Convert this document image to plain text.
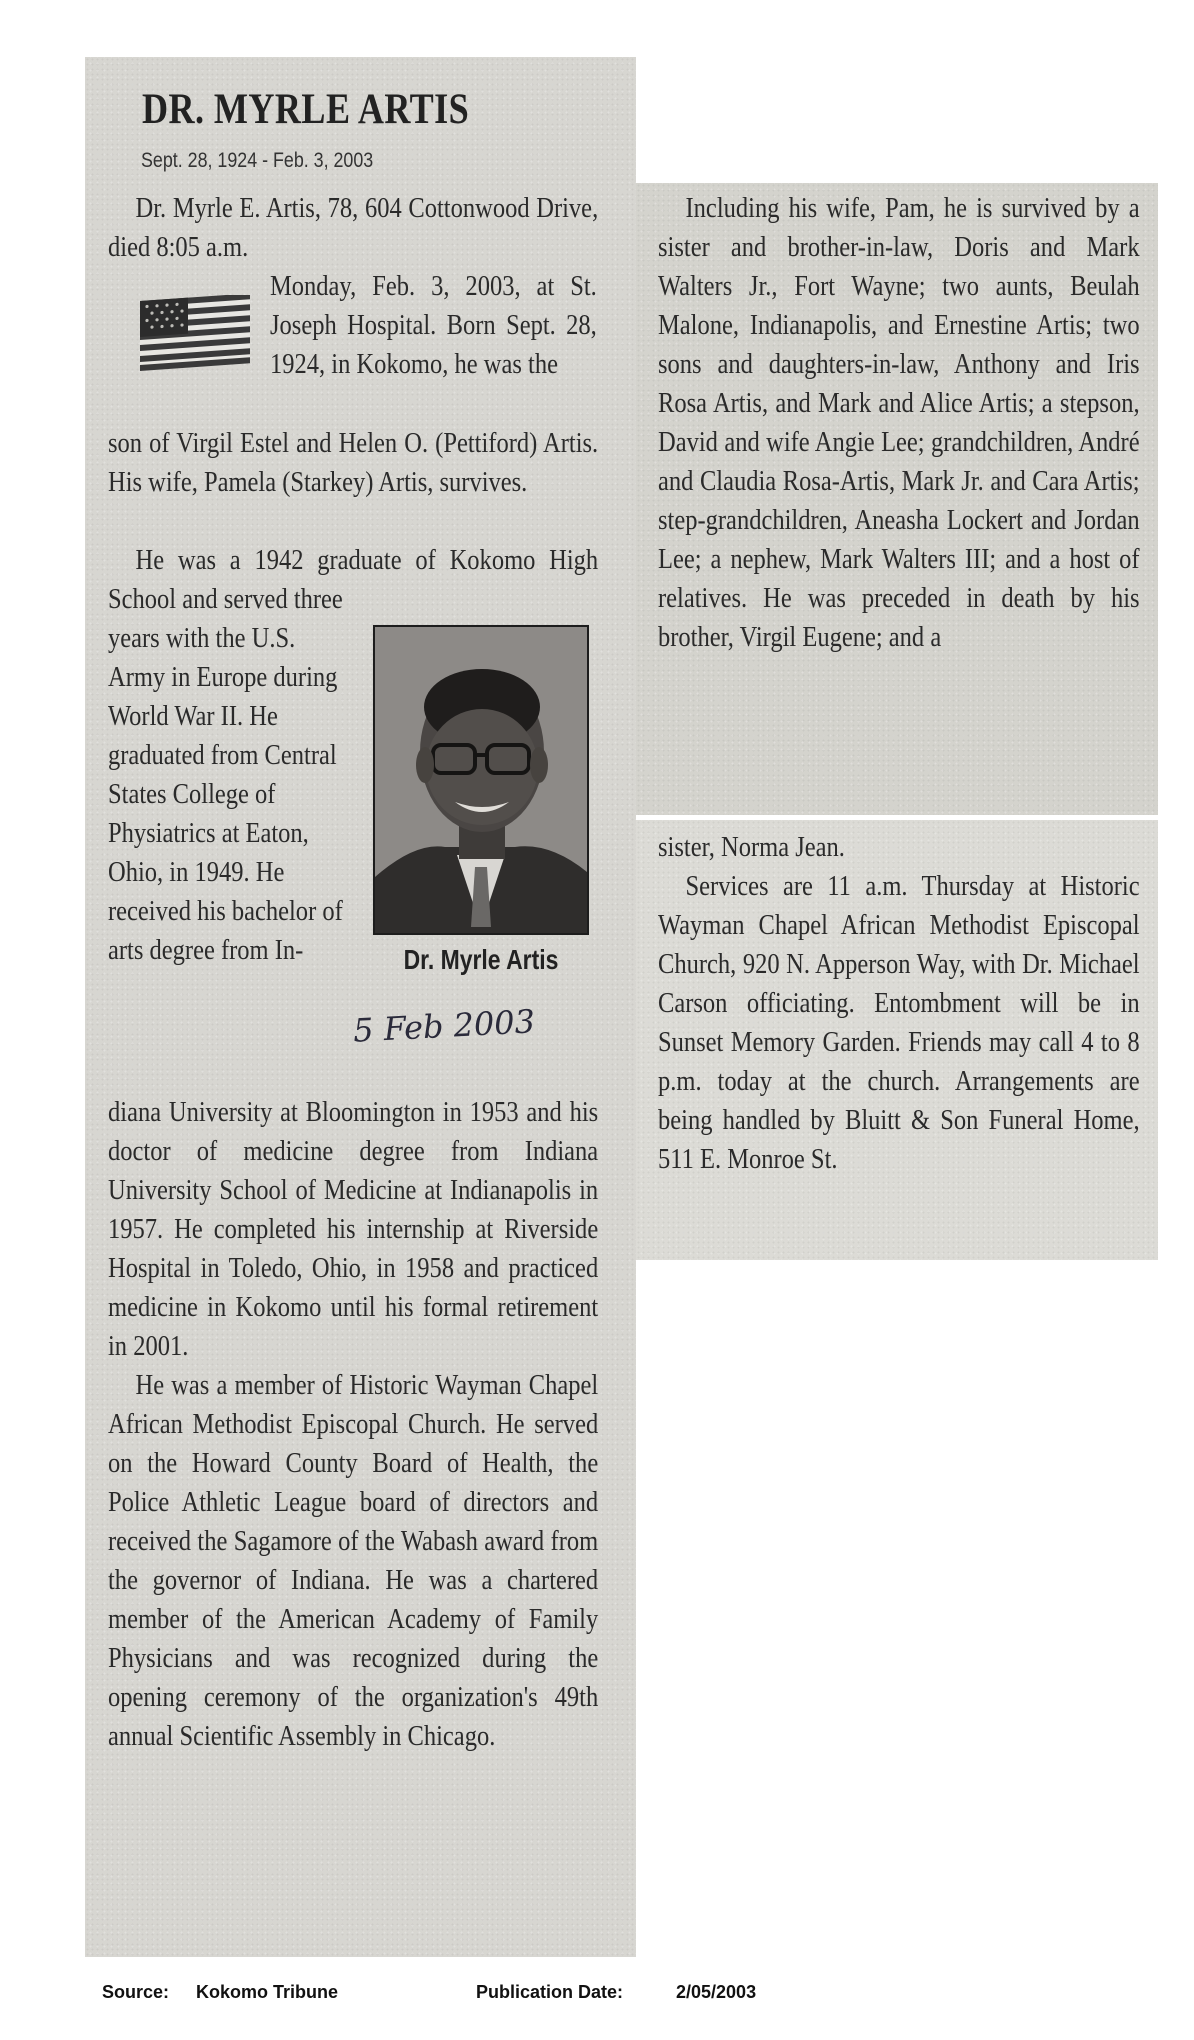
DR. MYRLE ARTIS
Sept. 28, 1924 - Feb. 3, 2003

Dr. Myrle E. Artis, 78, 604 Cottonwood Drive, died 8:05 a.m.

Monday, Feb. 3, 2003, at St. Joseph Hospital. Born Sept. 28, 1924, in Kokomo, he was the

son of Virgil Estel and Helen O. (Pettiford) Artis. His wife, Pamela (Starkey) Artis, survives.

He was a 1942 graduate of Kokomo High School and served three

years with the U.S. Army in Europe during World War II. He graduated from Central States College of Physiatrics at Eaton, Ohio, in 1949. He received his bachelor of arts degree from In-	Dr. Myrle Artis
5 Feb 2003

diana University at Bloomington in 1953 and his doctor of medicine degree from Indiana University School of Medicine at Indianapolis in 1957. He completed his internship at Riverside Hospital in Toledo, Ohio, in 1958 and practiced medicine in Kokomo until his formal retirement in 2001.

He was a member of Historic Wayman Chapel African Methodist Episcopal Church. He served on the Howard County Board of Health, the Police Athletic League board of directors and received the Sagamore of the Wabash award from the governor of Indiana. He was a chartered member of the American Academy of Family Physicians and was recognized during the opening ceremony of the organization's 49th annual Scientific Assembly in Chicago.

Including his wife, Pam, he is survived by a sister and brother-in-law, Doris and Mark Walters Jr., Fort Wayne; two aunts, Beulah Malone, Indianapolis, and Ernestine Artis; two sons and daughters-in-law, Anthony and Iris Rosa Artis, and Mark and Alice Artis; a stepson, David and wife Angie Lee; grandchildren, André and Claudia Rosa-Artis, Mark Jr. and Cara Artis; step-grandchildren, Aneasha Lockert and Jordan Lee; a nephew, Mark Walters III; and a host of relatives. He was preceded in death by his brother, Virgil Eugene; and a

sister, Norma Jean.

Services are 11 a.m. Thursday at Historic Wayman Chapel African Methodist Episcopal Church, 920 N. Apperson Way, with Dr. Michael Carson officiating. Entombment will be in Sunset Memory Garden. Friends may call 4 to 8 p.m. today at the church. Arrangements are being handled by Bluitt & Son Funeral Home, 511 E. Monroe St.

Source: Kokomo Tribune	Publication Date:	2/05/2003
